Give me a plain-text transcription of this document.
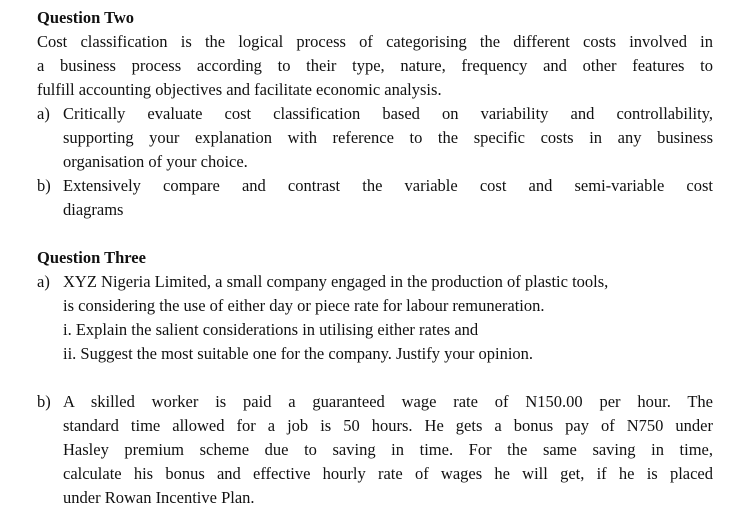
Question Two
Cost classification is the logical process of categorising the different costs involved in
a business process according to their type, nature, frequency and other features to
fulfill accounting objectives and facilitate economic analysis.
a) Critically evaluate cost classification based on variability and controllability,
supporting your explanation with reference to the specific costs in any business
organisation of your choice.
b) Extensively compare and contrast the variable cost and semi-variable cost
diagrams
Question Three
a) XYZ Nigeria Limited, a small company engaged in the production of plastic tools,
is considering the use of either day or piece rate for labour remuneration.
i. Explain the salient considerations in utilising either rates and
ii. Suggest the most suitable one for the company. Justify your opinion.
b) A skilled worker is paid a guaranteed wage rate of N150.00 per hour. The
standard time allowed for a job is 50 hours. He gets a bonus pay of N750 under
Hasley premium scheme due to saving in time. For the same saving in time,
calculate his bonus and effective hourly rate of wages he will get, if he is placed
under Rowan Incentive Plan.
